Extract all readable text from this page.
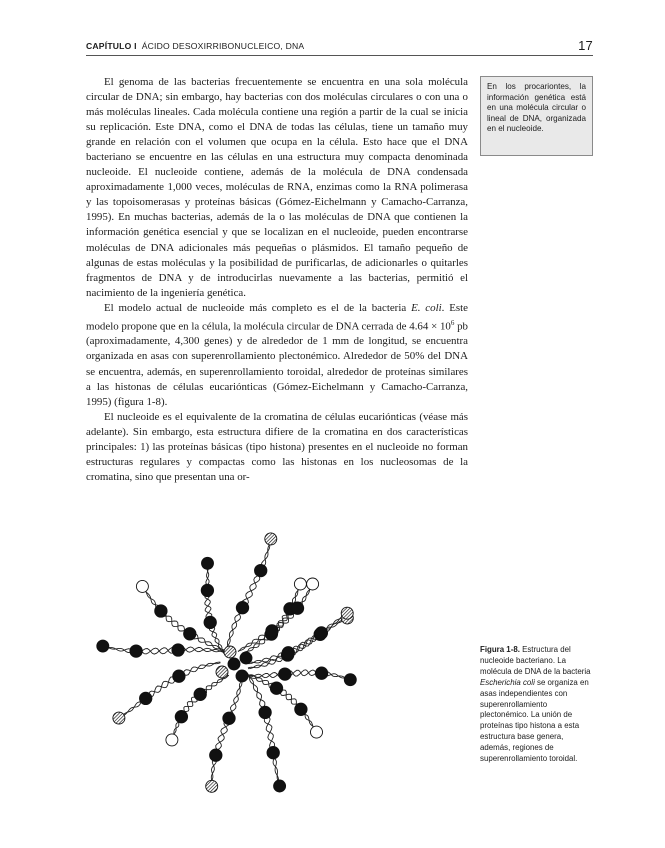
CAPÍTULO I ÁCIDO DESOXIRRIBONUCLEICO, DNA	17
En los procariontes, la información genética está en una molécula circular o lineal de DNA, organizada en el nucleoide.

El genoma de las bacterias frecuentemente se encuentra en una sola molécula circular de DNA; sin embargo, hay bacterias con dos moléculas circulares o con una o más moléculas lineales. Cada molécula contiene una región a partir de la cual se inicia su replicación. Este DNA, como el DNA de todas las células, tiene un tamaño muy grande en relación con el volumen que ocupa en la célula. Esto hace que el DNA bacteriano se encuentre en las células en una estructura muy compacta denominada nucleoide. El nucleoide contiene, además de la molécula de DNA condensada aproximadamente 1,000 veces, moléculas de RNA, enzimas como la RNA polimerasa y las topoisomerasas y proteínas básicas (Gómez-Eichelmann y Camacho-Carranza, 1995). En muchas bacterias, además de la o las moléculas de DNA que contienen la información genética esencial y que se localizan en el nucleoide, pueden encontrarse moléculas de DNA adicionales más pequeñas o plásmidos. El tamaño pequeño de algunas de estas moléculas y la posibilidad de purificarlas, de adicionarles o quitarles fragmentos de DNA y de introducirlas nuevamente a las bacterias, permitió el nacimiento de la ingeniería genética.

El modelo actual de nucleoide más completo es el de la bacteria E. coli. Este modelo propone que en la célula, la molécula circular de DNA cerrada de $4.64 \times 10^6$ pb (aproximadamente, 4,300 genes) y de alrededor de 1 mm de longitud, se encuentra organizada en asas con superenrollamiento plectonémico. Alrededor de 50% del DNA se encuentra, además, en superenrollamiento toroidal, alrededor de proteínas similares a las histonas de células eucariónticas (Gómez-Eichelmann y Camacho-Carranza, 1995) (figura 1-8).

El nucleoide es el equivalente de la cromatina de células eucariónticas (véase más adelante). Sin embargo, esta estructura difiere de la cromatina en dos características principales: 1) las proteínas básicas (tipo histona) presentes en el nucleoide no forman estructuras regulares y compactas como las histonas en los nucleosomas de la cromatina, sino que presentan una or-

Figura 1-8. Estructura del nucleoide bacteriano. La molécula de DNA de la bacteria Escherichia coli se organiza en asas independientes con superenrollamiento plectonémico. La unión de proteínas tipo histona a esta estructura base genera, además, regiones de superenrollamiento toroidal.
